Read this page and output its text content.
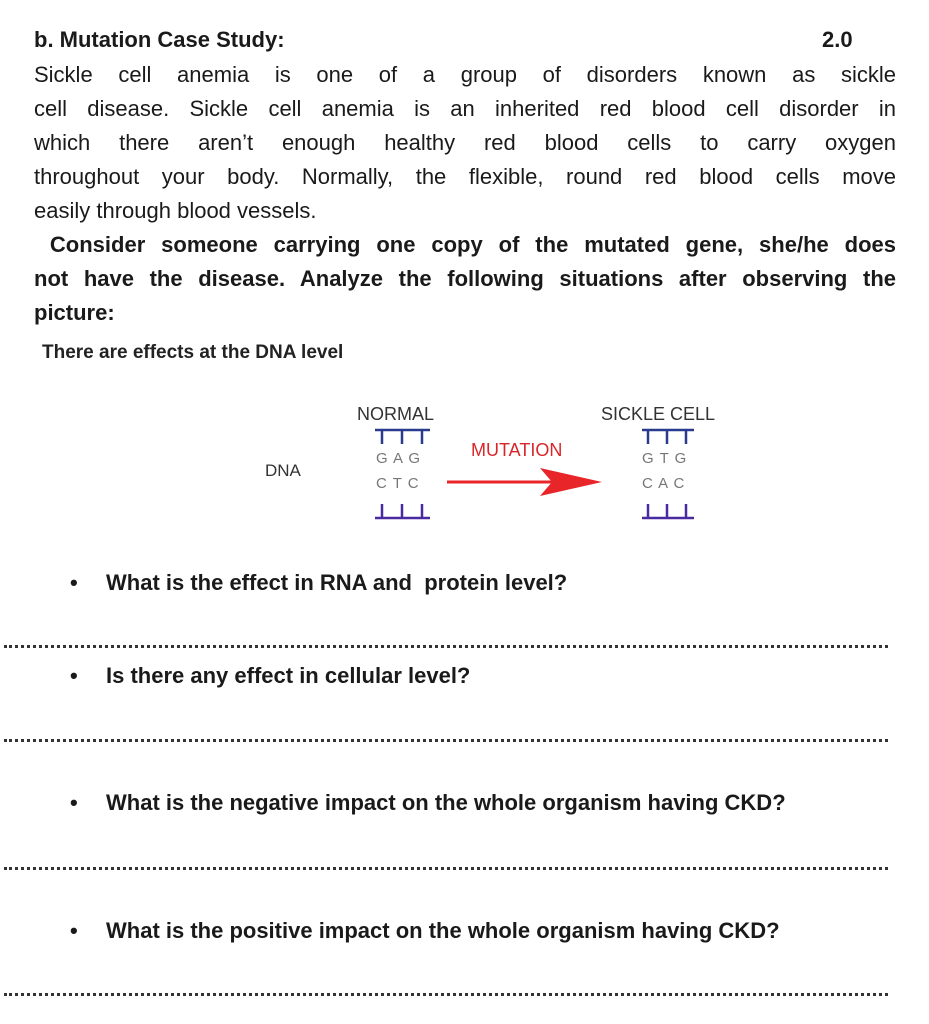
b. Mutation Case Study:	2.0
Sickle cell anemia is one of a group of disorders known as sickle
cell disease. Sickle cell anemia is an inherited red blood cell disorder in
which there aren’t enough healthy red blood cells to carry oxygen
throughout your body. Normally, the flexible, round red blood cells move
easily through blood vessels.
Consider someone carrying one copy of the mutated gene, she/he does
not have the disease. Analyze the following situations after observing the
picture:
There are effects at the DNA level
DNA
NORMAL
G A G
C T C
MUTATION
SICKLE CELL
G T G
C A C
• What is the effect in RNA and  protein level?
• Is there any effect in cellular level?
• What is the negative impact on the whole organism having CKD?
• What is the positive impact on the whole organism having CKD?
